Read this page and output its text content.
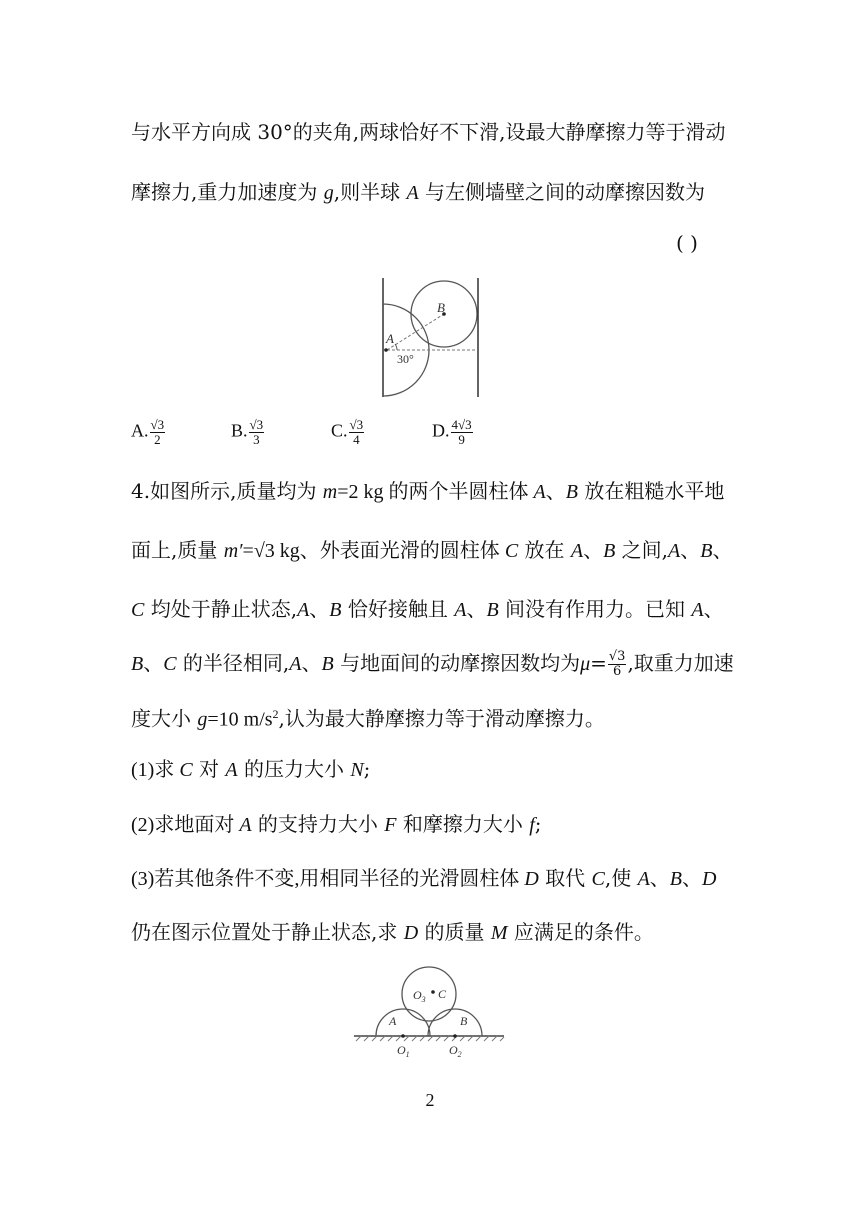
与水平方向成 30°的夹角,两球恰好不下滑,设最大静摩擦力等于滑动
摩擦力,重力加速度为 g,则半球 A 与左侧墙壁之间的动摩擦因数为
( )
A
B
30°
A. $\frac{√3}{2}$	B. $\frac{√3}{3}$	C. $\frac{√3}{4}$	D. $\frac{4√3}{9}$
4.如图所示,质量均为 m=2 kg 的两个半圆柱体 A、B 放在粗糙水平地
面上,质量 m′=√3 kg、外表面光滑的圆柱体 C 放在 A、B 之间,A、B、
C 均处于静止状态,A、B 恰好接触且 A、B 间没有作用力。已知 A、
B、C 的半径相同,A、B 与地面间的动摩擦因数均为$\mu= \frac{√3}{6}$ ,取重力加速
度大小 g=10 $m/s^2$,认为最大静摩擦力等于滑动摩擦力。
(1)求 C 对 A 的压力大小 N;
(2)求地面对 A 的支持力大小 F 和摩擦力大小 f;
(3)若其他条件不变,用相同半径的光滑圆柱体 D 取代 C,使 A、B、D
仍在图示位置处于静止状态,求 D 的质量 M 应满足的条件。
$O_3$ C
A	B
$O_1$	$O_2$
2
